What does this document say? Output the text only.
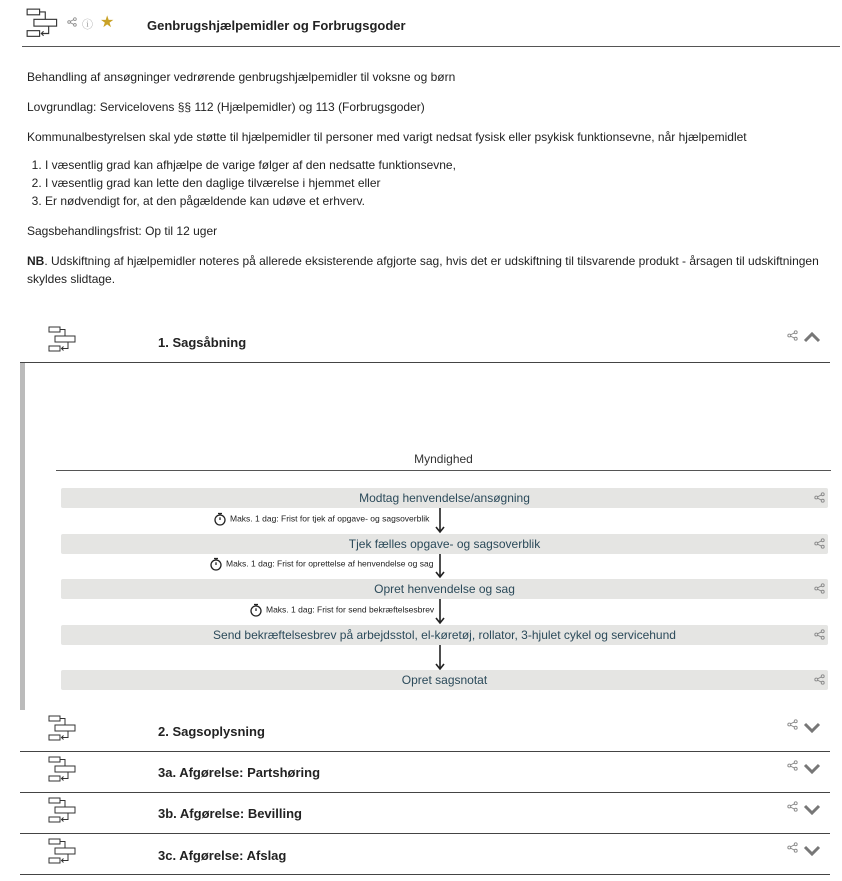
ⓘ ★	Genbrugshjælpemidler og Forbrugsgoder

Behandling af ansøgninger vedrørende genbrugshjælpemidler til voksne og børn

Lovgrundlag: Servicelovens §§ 112 (Hjælpemidler) og 113 (Forbrugsgoder)

Kommunalbestyrelsen skal yde støtte til hjælpemidler til personer med varigt nedsat fysisk eller psykisk funktionsevne, når hjælpemidlet

1. I væsentlig grad kan afhjælpe de varige følger af den nedsatte funktionsevne,
2. I væsentlig grad kan lette den daglige tilværelse i hjemmet eller
3. Er nødvendigt for, at den pågældende kan udøve et erhverv.

Sagsbehandlingsfrist: Op til 12 uger

NB. Udskiftning af hjælpemidler noteres på allerede eksisterende afgjorte sag, hvis det er udskiftning til tilsvarende produkt - årsagen til udskiftningen skyldes slidtage.

1. Sagsåbning
Myndighed
Modtag henvendelse/ansøgning
Maks. 1 dag: Frist for tjek af opgave- og sagsoverblik
Tjek fælles opgave- og sagsoverblik
Maks. 1 dag: Frist for oprettelse af henvendelse og sag
Opret henvendelse og sag
Maks. 1 dag: Frist for send bekræftelsesbrev
Send bekræftelsesbrev på arbejdsstol, el-køretøj, rollator, 3-hjulet cykel og servicehund
Opret sagsnotat
2. Sagsoplysning
3a. Afgørelse: Partshøring
3b. Afgørelse: Bevilling
3c. Afgørelse: Afslag
